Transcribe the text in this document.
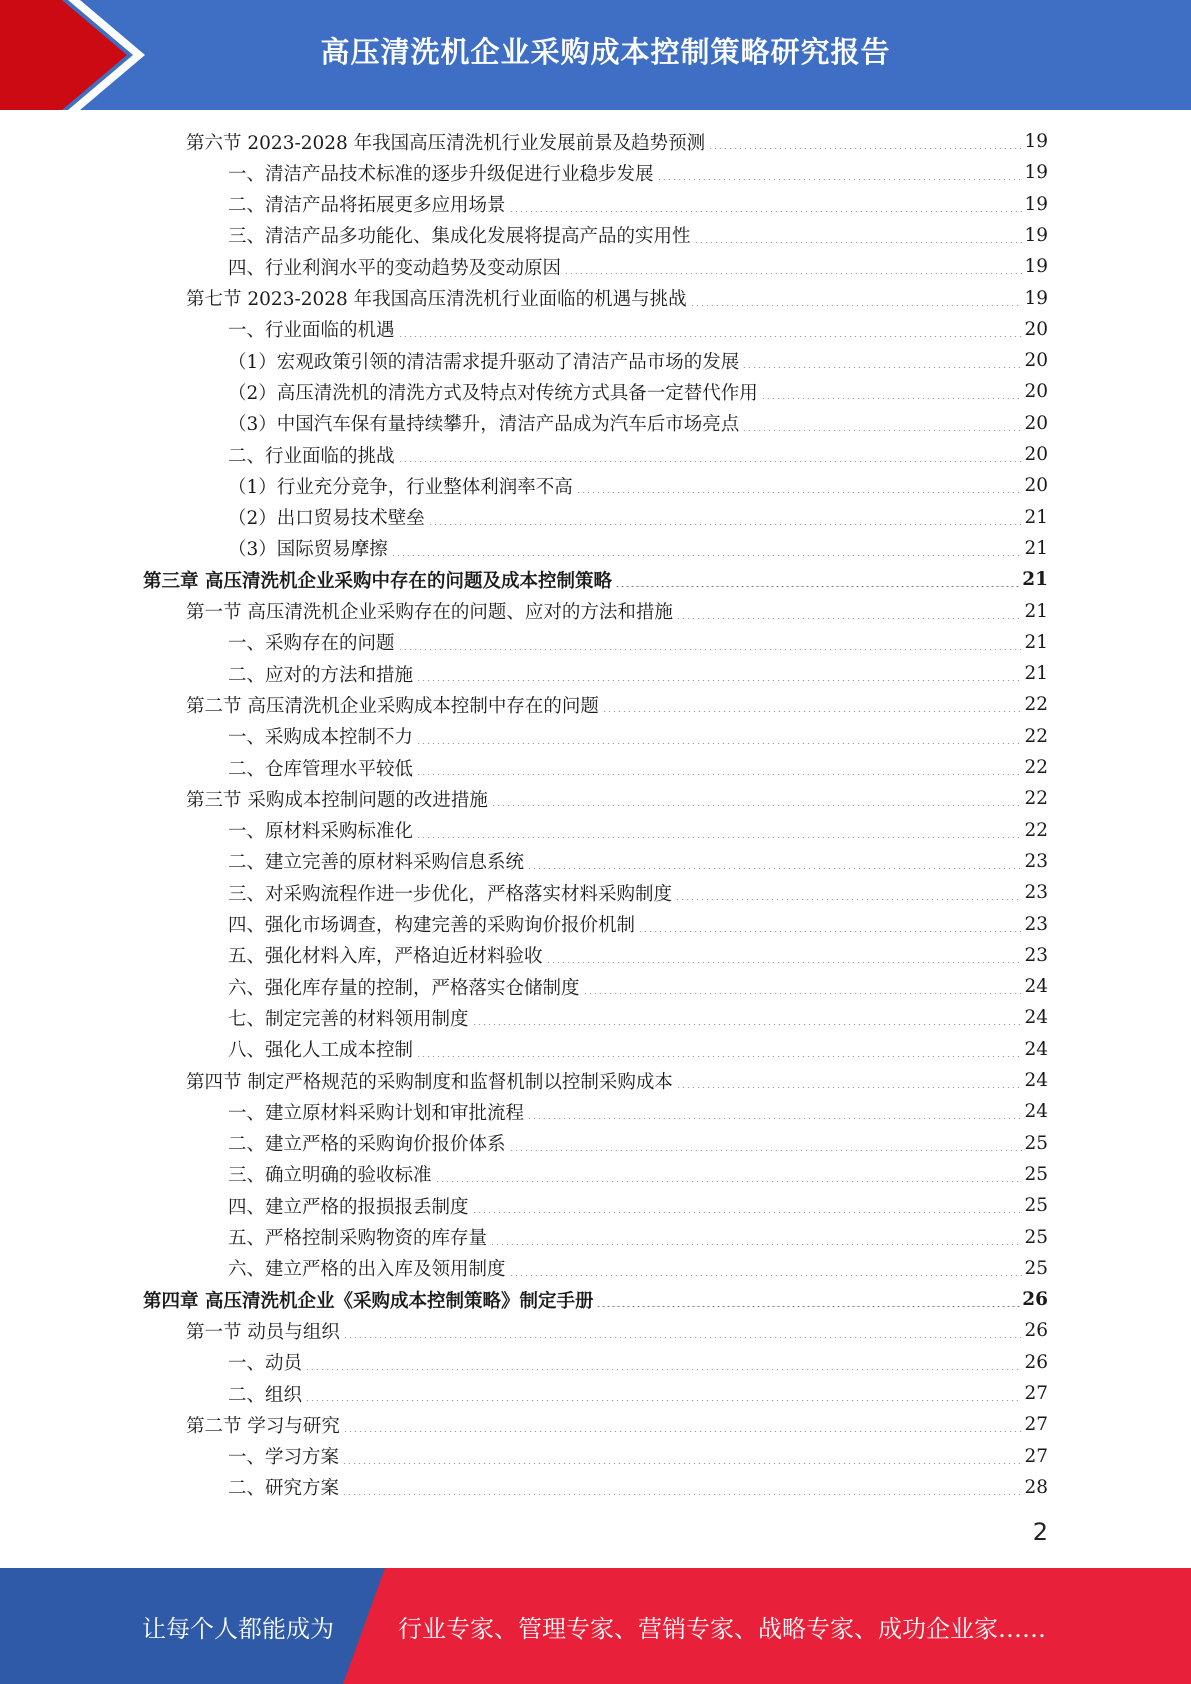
高压清洗机企业采购成本控制策略研究报告
第六节 2023-2028 年我国高压清洗机行业发展前景及趋势预测	19
一、清洁产品技术标准的逐步升级促进行业稳步发展	19
二、清洁产品将拓展更多应用场景	19
三、清洁产品多功能化、集成化发展将提高产品的实用性	19
四、行业利润水平的变动趋势及变动原因	19
第七节 2023-2028 年我国高压清洗机行业面临的机遇与挑战	19
一、行业面临的机遇	20
（1）宏观政策引领的清洁需求提升驱动了清洁产品市场的发展	20
（2）高压清洗机的清洗方式及特点对传统方式具备一定替代作用	20
（3）中国汽车保有量持续攀升，清洁产品成为汽车后市场亮点	20
二、行业面临的挑战	20
（1）行业充分竞争，行业整体利润率不高	20
（2）出口贸易技术壁垒	21
（3）国际贸易摩擦	21
第三章 高压清洗机企业采购中存在的问题及成本控制策略	21
第一节 高压清洗机企业采购存在的问题、应对的方法和措施	21
一、采购存在的问题	21
二、应对的方法和措施	21
第二节 高压清洗机企业采购成本控制中存在的问题	22
一、采购成本控制不力	22
二、仓库管理水平较低	22
第三节 采购成本控制问题的改进措施	22
一、原材料采购标准化	22
二、建立完善的原材料采购信息系统	23
三、对采购流程作进一步优化，严格落实材料采购制度	23
四、强化市场调查，构建完善的采购询价报价机制	23
五、强化材料入库，严格迫近材料验收	23
六、强化库存量的控制，严格落实仓储制度	24
七、制定完善的材料领用制度	24
八、强化人工成本控制	24
第四节 制定严格规范的采购制度和监督机制以控制采购成本	24
一、建立原材料采购计划和审批流程	24
二、建立严格的采购询价报价体系	25
三、确立明确的验收标准	25
四、建立严格的报损报丢制度	25
五、严格控制采购物资的库存量	25
六、建立严格的出入库及领用制度	25
第四章 高压清洗机企业《采购成本控制策略》制定手册	26
第一节 动员与组织	26
一、动员	26
二、组织	27
第二节 学习与研究	27
一、学习方案	27
二、研究方案	28
2
让每个人都能成为	行业专家、管理专家、营销专家、战略专家、成功企业家……
